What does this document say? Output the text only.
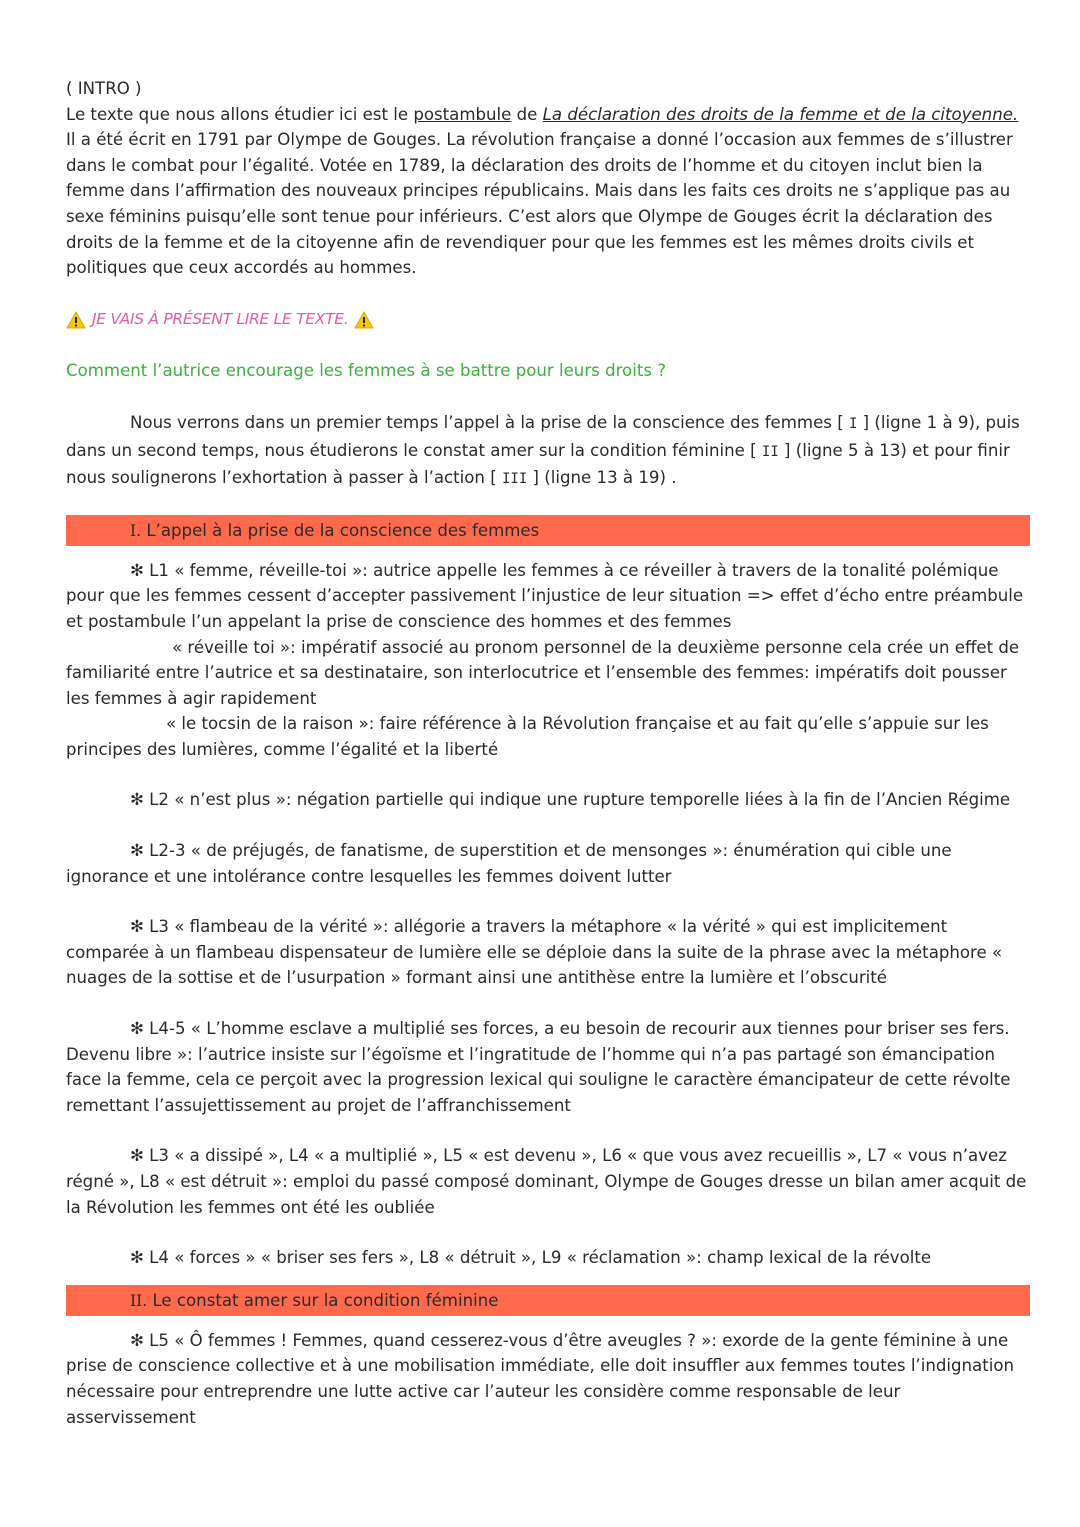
( INTRO )

Le texte que nous allons étudier ici est le postambule de La déclaration des droits de la femme et de la citoyenne. Il a été écrit en 1791 par Olympe de Gouges. La révolution française a donné l’occasion aux femmes de s’illustrer dans le combat pour l’égalité. Votée en 1789, la déclaration des droits de l’homme et du citoyen inclut bien la femme dans l’affirmation des nouveaux principes républicains. Mais dans les faits ces droits ne s’applique pas au sexe féminins puisqu’elle sont tenue pour inférieurs. C’est alors que Olympe de Gouges écrit la déclaration des droits de la femme et de la citoyenne afin de revendiquer pour que les femmes est les mêmes droits civils et politiques que ceux accordés au hommes.

JE VAIS À PRÉSENT LIRE LE TEXTE.

Comment l’autrice encourage les femmes à se battre pour leurs droits ?

Nous verrons dans un premier temps l’appel à la prise de la conscience des femmes [ I ] (ligne 1 à 9), puis dans un second temps, nous étudierons le constat amer sur la condition féminine [ II ] (ligne 5 à 13) et pour finir nous soulignerons l’exhortation à passer à l’action [ III ] (ligne 13 à 19) .

I. L’appel à la prise de la conscience des femmes

✻ L1 « femme, réveille-toi »: autrice appelle les femmes à ce réveiller à travers de la tonalité polémique pour que les femmes cessent d’accepter passivement l’injustice de leur situation => effet d’écho entre préambule et postambule l’un appelant la prise de conscience des hommes et des femmes

« réveille toi »: impératif associé au pronom personnel de la deuxième personne cela crée un effet de familiarité entre l’autrice et sa destinataire, son interlocutrice et l’ensemble des femmes: impératifs doit pousser les femmes à agir rapidement

« le tocsin de la raison »: faire référence à la Révolution française et au fait qu’elle s’appuie sur les principes des lumières, comme l’égalité et la liberté

✻ L2 « n’est plus »: négation partielle qui indique une rupture temporelle liées à la fin de l’Ancien Régime

✻ L2-3 « de préjugés, de fanatisme, de superstition et de mensonges »: énumération qui cible une ignorance et une intolérance contre lesquelles les femmes doivent lutter

✻ L3 « flambeau de la vérité »: allégorie a travers la métaphore « la vérité » qui est implicitement comparée à un flambeau dispensateur de lumière elle se déploie dans la suite de la phrase avec la métaphore « nuages de la sottise et de l’usurpation » formant ainsi une antithèse entre la lumière et l’obscurité

✻ L4-5 « L’homme esclave a multiplié ses forces, a eu besoin de recourir aux tiennes pour briser ses fers. Devenu libre »: l’autrice insiste sur l’égoïsme et l’ingratitude de l’homme qui n’a pas partagé son émancipation face la femme, cela ce perçoit avec la progression lexical qui souligne le caractère émancipateur de cette révolte remettant l’assujettissement au projet de l’affranchissement

✻ L3 « a dissipé », L4 « a multiplié », L5 « est devenu », L6 « que vous avez recueillis », L7 « vous n’avez régné », L8 « est détruit »: emploi du passé composé dominant, Olympe de Gouges dresse un bilan amer acquit de la Révolution les femmes ont été les oubliée

✻ L4 « forces » « briser ses fers », L8 « détruit », L9 « réclamation »: champ lexical de la révolte

II. Le constat amer sur la condition féminine

✻ L5 « Ô femmes ! Femmes, quand cesserez-vous d’être aveugles ? »: exorde de la gente féminine à une prise de conscience collective et à une mobilisation immédiate, elle doit insuffler aux femmes toutes l’indignation nécessaire pour entreprendre une lutte active car l’auteur les considère comme responsable de leur asservissement
